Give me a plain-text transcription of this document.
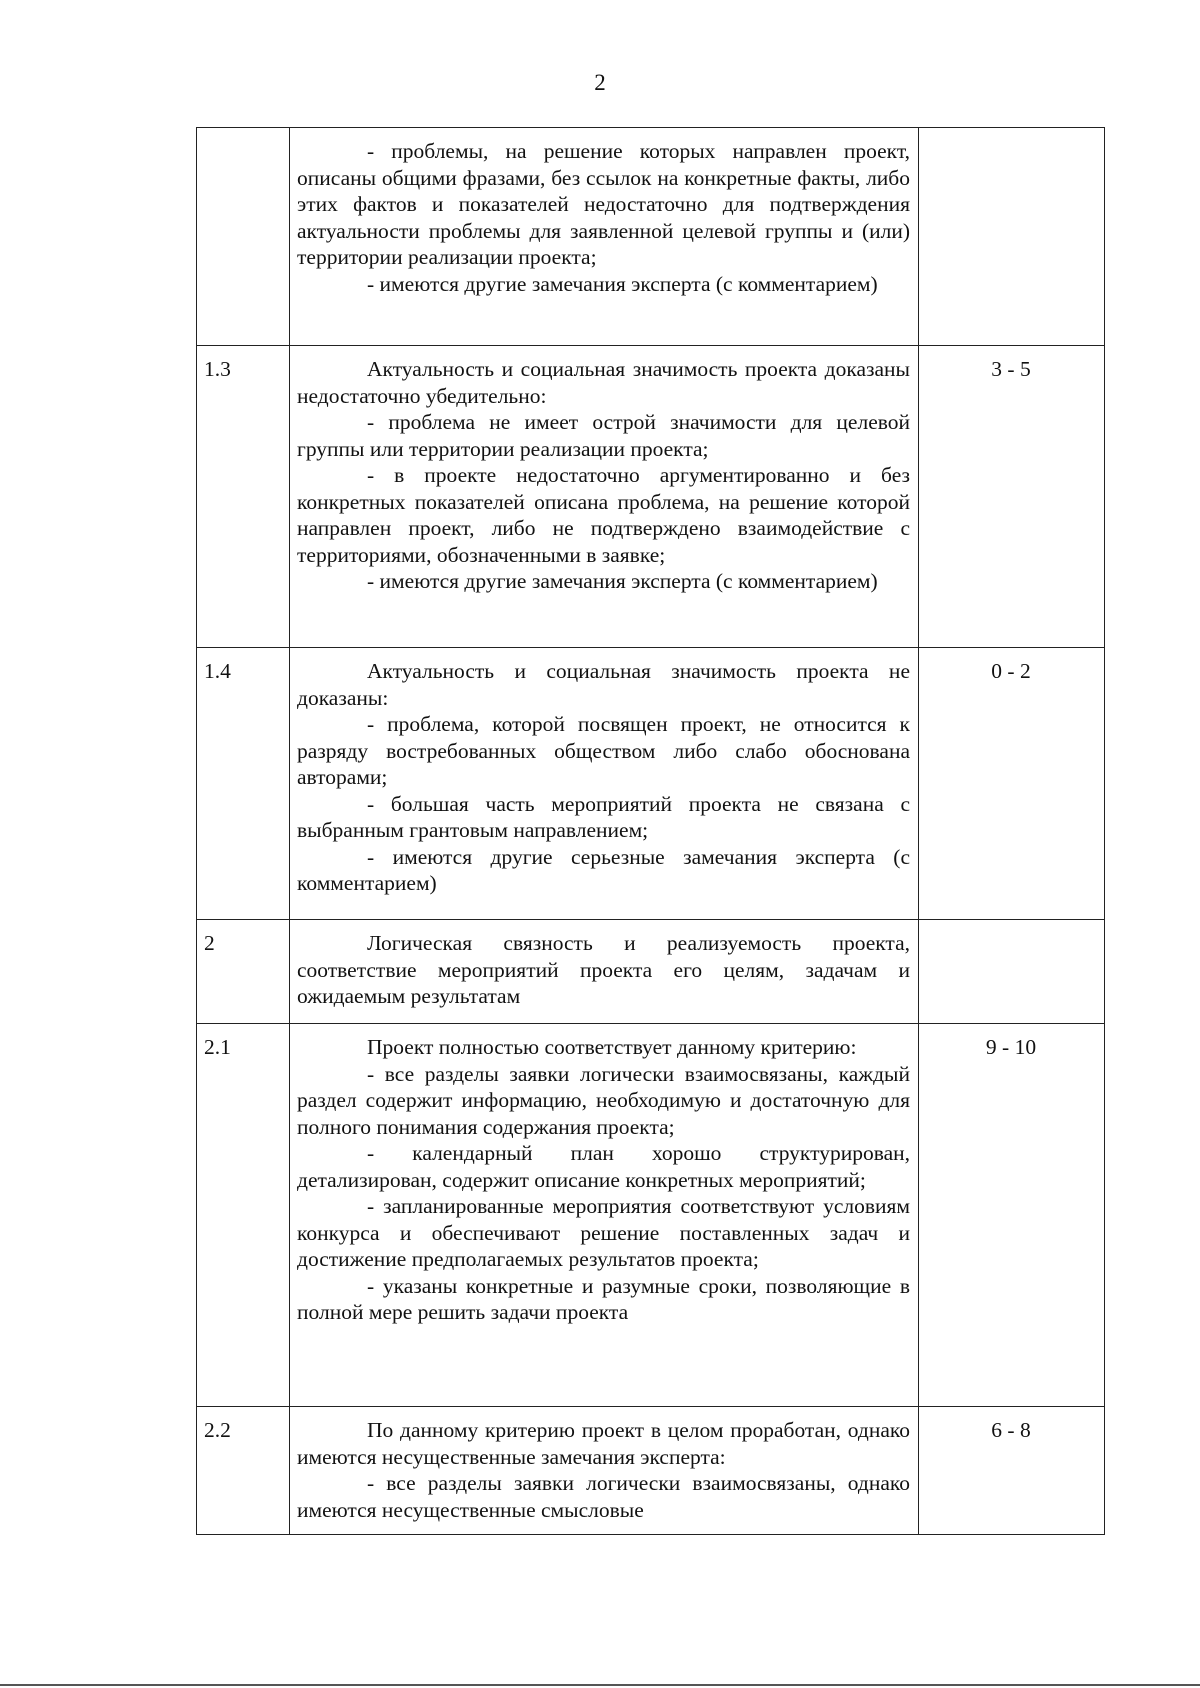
2

	- проблемы, на решение которых направлен проект, описаны общими фразами, без ссылок на конкретные факты, либо этих фактов и показателей недостаточно для подтверждения актуальности проблемы для заявленной целевой группы и (или) территории реализации проекта;

- имеются другие замечания эксперта (с комментарием)	

1.3	Актуальность и социальная значимость проекта доказаны недостаточно убедительно:

- проблема не имеет острой значимости для целевой группы или территории реализации проекта;

- в проекте недостаточно аргументированно и без конкретных показателей описана проблема, на решение которой направлен проект, либо не подтверждено взаимодействие с территориями, обозначенными в заявке;

- имеются другие замечания эксперта (с комментарием)	3 - 5
1.4	Актуальность и социальная значимость проекта не доказаны:

- проблема, которой посвящен проект, не относится к разряду востребованных обществом либо слабо обоснована авторами;

- большая часть мероприятий проекта не связана с выбранным грантовым направлением;

- имеются другие серьезные замечания эксперта (с комментарием)	0 - 2
2	Логическая связность и реализуемость проекта, соответствие мероприятий проекта его целям, задачам и ожидаемым результатам	

2.1	Проект полностью соответствует данному критерию:

- все разделы заявки логически взаимосвязаны, каждый раздел содержит информацию, необходимую и достаточную для полного понимания содержания проекта;

- календарный план хорошо структурирован, детализирован, содержит описание конкретных мероприятий;

- запланированные мероприятия соответствуют условиям конкурса и обеспечивают решение поставленных задач и достижение предполагаемых результатов проекта;

- указаны конкретные и разумные сроки, позволяющие в полной мере решить задачи проекта	9 - 10
2.2	По данному критерию проект в целом проработан, однако имеются несущественные замечания эксперта:

- все разделы заявки логически взаимосвязаны, однако имеются несущественные смысловые	6 - 8
